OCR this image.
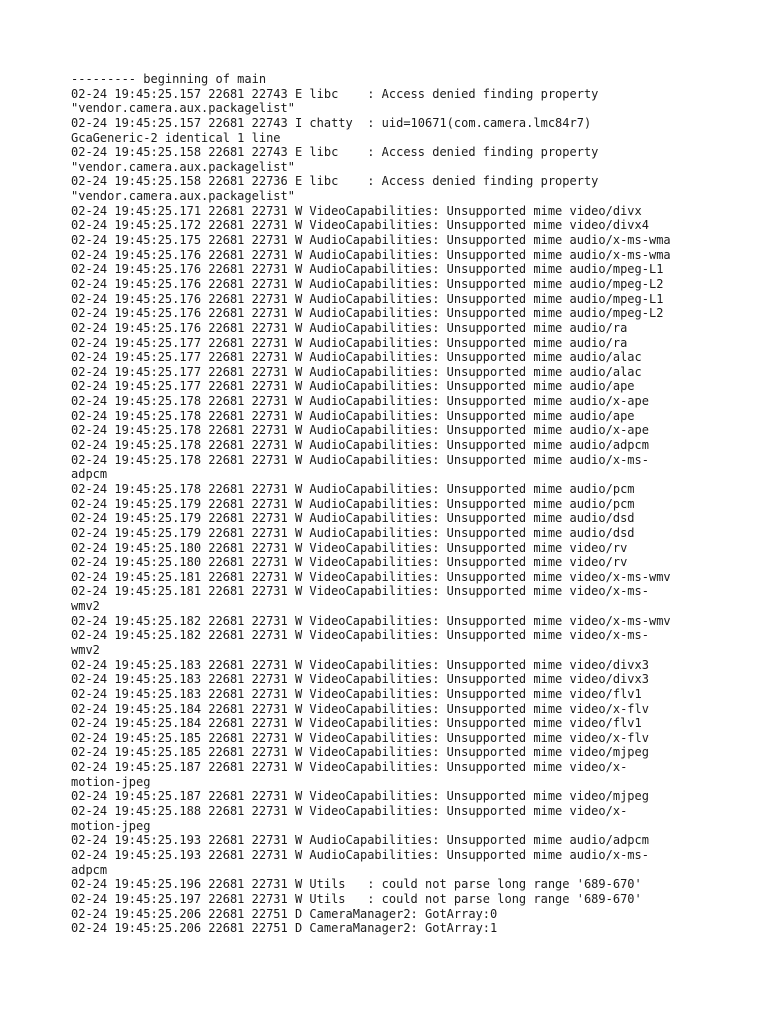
--------- beginning of main
02-24 19:45:25.157 22681 22743 E libc    : Access denied finding property
"vendor.camera.aux.packagelist"
02-24 19:45:25.157 22681 22743 I chatty  : uid=10671(com.camera.lmc84r7)
GcaGeneric-2 identical 1 line
02-24 19:45:25.158 22681 22743 E libc    : Access denied finding property
"vendor.camera.aux.packagelist"
02-24 19:45:25.158 22681 22736 E libc    : Access denied finding property
"vendor.camera.aux.packagelist"
02-24 19:45:25.171 22681 22731 W VideoCapabilities: Unsupported mime video/divx
02-24 19:45:25.172 22681 22731 W VideoCapabilities: Unsupported mime video/divx4
02-24 19:45:25.175 22681 22731 W AudioCapabilities: Unsupported mime audio/x-ms-wma
02-24 19:45:25.176 22681 22731 W AudioCapabilities: Unsupported mime audio/x-ms-wma
02-24 19:45:25.176 22681 22731 W AudioCapabilities: Unsupported mime audio/mpeg-L1
02-24 19:45:25.176 22681 22731 W AudioCapabilities: Unsupported mime audio/mpeg-L2
02-24 19:45:25.176 22681 22731 W AudioCapabilities: Unsupported mime audio/mpeg-L1
02-24 19:45:25.176 22681 22731 W AudioCapabilities: Unsupported mime audio/mpeg-L2
02-24 19:45:25.176 22681 22731 W AudioCapabilities: Unsupported mime audio/ra
02-24 19:45:25.177 22681 22731 W AudioCapabilities: Unsupported mime audio/ra
02-24 19:45:25.177 22681 22731 W AudioCapabilities: Unsupported mime audio/alac
02-24 19:45:25.177 22681 22731 W AudioCapabilities: Unsupported mime audio/alac
02-24 19:45:25.177 22681 22731 W AudioCapabilities: Unsupported mime audio/ape
02-24 19:45:25.178 22681 22731 W AudioCapabilities: Unsupported mime audio/x-ape
02-24 19:45:25.178 22681 22731 W AudioCapabilities: Unsupported mime audio/ape
02-24 19:45:25.178 22681 22731 W AudioCapabilities: Unsupported mime audio/x-ape
02-24 19:45:25.178 22681 22731 W AudioCapabilities: Unsupported mime audio/adpcm
02-24 19:45:25.178 22681 22731 W AudioCapabilities: Unsupported mime audio/x-ms-
adpcm
02-24 19:45:25.178 22681 22731 W AudioCapabilities: Unsupported mime audio/pcm
02-24 19:45:25.179 22681 22731 W AudioCapabilities: Unsupported mime audio/pcm
02-24 19:45:25.179 22681 22731 W AudioCapabilities: Unsupported mime audio/dsd
02-24 19:45:25.179 22681 22731 W AudioCapabilities: Unsupported mime audio/dsd
02-24 19:45:25.180 22681 22731 W VideoCapabilities: Unsupported mime video/rv
02-24 19:45:25.180 22681 22731 W VideoCapabilities: Unsupported mime video/rv
02-24 19:45:25.181 22681 22731 W VideoCapabilities: Unsupported mime video/x-ms-wmv
02-24 19:45:25.181 22681 22731 W VideoCapabilities: Unsupported mime video/x-ms-
wmv2
02-24 19:45:25.182 22681 22731 W VideoCapabilities: Unsupported mime video/x-ms-wmv
02-24 19:45:25.182 22681 22731 W VideoCapabilities: Unsupported mime video/x-ms-
wmv2
02-24 19:45:25.183 22681 22731 W VideoCapabilities: Unsupported mime video/divx3
02-24 19:45:25.183 22681 22731 W VideoCapabilities: Unsupported mime video/divx3
02-24 19:45:25.183 22681 22731 W VideoCapabilities: Unsupported mime video/flv1
02-24 19:45:25.184 22681 22731 W VideoCapabilities: Unsupported mime video/x-flv
02-24 19:45:25.184 22681 22731 W VideoCapabilities: Unsupported mime video/flv1
02-24 19:45:25.185 22681 22731 W VideoCapabilities: Unsupported mime video/x-flv
02-24 19:45:25.185 22681 22731 W VideoCapabilities: Unsupported mime video/mjpeg
02-24 19:45:25.187 22681 22731 W VideoCapabilities: Unsupported mime video/x-
motion-jpeg
02-24 19:45:25.187 22681 22731 W VideoCapabilities: Unsupported mime video/mjpeg
02-24 19:45:25.188 22681 22731 W VideoCapabilities: Unsupported mime video/x-
motion-jpeg
02-24 19:45:25.193 22681 22731 W AudioCapabilities: Unsupported mime audio/adpcm
02-24 19:45:25.193 22681 22731 W AudioCapabilities: Unsupported mime audio/x-ms-
adpcm
02-24 19:45:25.196 22681 22731 W Utils   : could not parse long range '689-670'
02-24 19:45:25.197 22681 22731 W Utils   : could not parse long range '689-670'
02-24 19:45:25.206 22681 22751 D CameraManager2: GotArray:0
02-24 19:45:25.206 22681 22751 D CameraManager2: GotArray:1
